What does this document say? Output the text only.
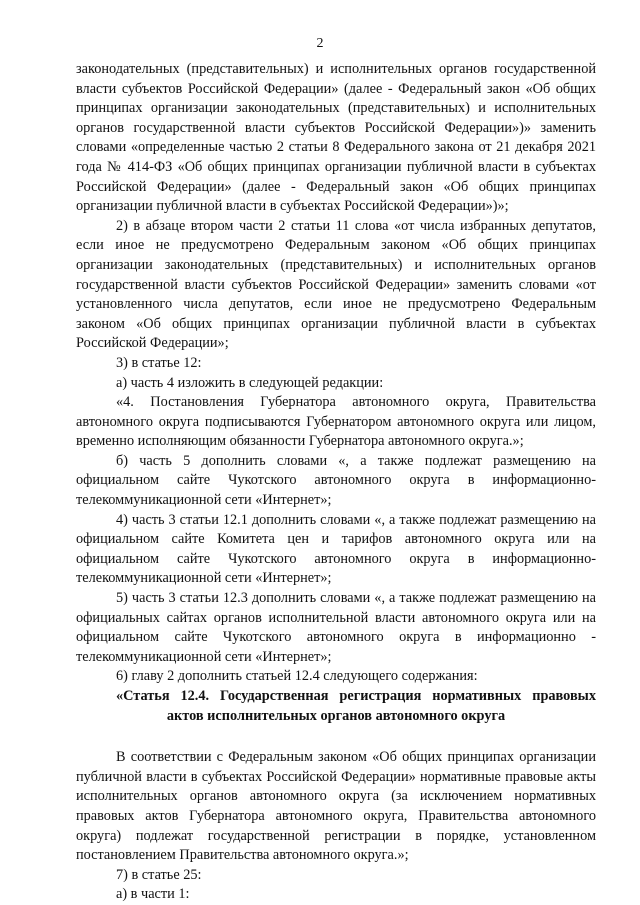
2

законодательных (представительных) и исполнительных органов государственной власти субъектов Российской Федерации» (далее - Федеральный закон «Об общих принципах организации законодательных (представительных) и исполнительных органов государственной власти субъектов Российской Федерации»)» заменить словами «определенные частью 2 статьи 8 Федерального закона от 21 декабря 2021 года № 414-ФЗ «Об общих принципах организации публичной власти в субъектах Российской Федерации» (далее - Федеральный закон «Об общих принципах организации публичной власти в субъектах Российской Федерации»)»;

2) в абзаце втором части 2 статьи 11 слова «от числа избранных депутатов, если иное не предусмотрено Федеральным законом «Об общих принципах организации законодательных (представительных) и исполнительных органов государственной власти субъектов Российской Федерации» заменить словами «от установленного числа депутатов, если иное не предусмотрено Федеральным законом «Об общих принципах организации публичной власти в субъектах Российской Федерации»;

3) в статье 12:

а) часть 4 изложить в следующей редакции:

«4. Постановления Губернатора автономного округа, Правительства автономного округа подписываются Губернатором автономного округа или лицом, временно исполняющим обязанности Губернатора автономного округа.»;

б) часть 5 дополнить словами «, а также подлежат размещению на официальном сайте Чукотского автономного округа в информационно-телекоммуникационной сети «Интернет»;

4) часть 3 статьи 12.1 дополнить словами «, а также подлежат размещению на официальном сайте Комитета цен и тарифов автономного округа или на официальном сайте Чукотского автономного округа в информационно-телекоммуникационной сети «Интернет»;

5) часть 3 статьи 12.3 дополнить словами «, а также подлежат размещению на официальных сайтах органов исполнительной власти автономного округа или на официальном сайте Чукотского автономного округа в информационно - телекоммуникационной сети «Интернет»;

6) главу 2 дополнить статьей 12.4 следующего содержания:

«Статья 12.4. Государственная регистрация нормативных правовых

актов исполнительных органов автономного округа

В соответствии с Федеральным законом «Об общих принципах организации публичной власти в субъектах Российской Федерации» нормативные правовые акты исполнительных органов автономного округа (за исключением нормативных правовых актов Губернатора автономного округа, Правительства автономного округа) подлежат государственной регистрации в порядке, установленном постановлением Правительства автономного округа.»;

7) в статье 25:

а) в части 1:
